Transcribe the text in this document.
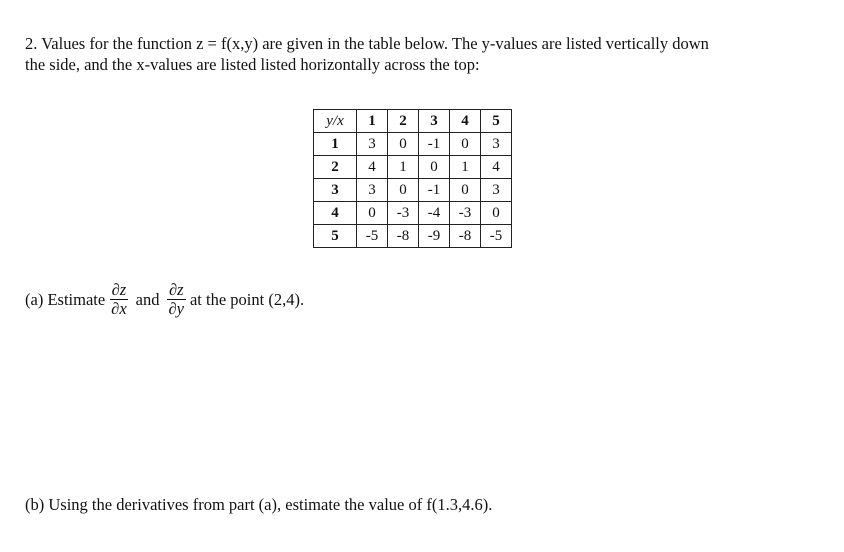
2. Values for the function z = f(x,y) are given in the table below. The y-values are listed vertically down
the side, and the x-values are listed listed horizontally across the top:
y/x	1	2	3	4	5
1	3	0	-1	0	3
2	4	1	0	1	4
3	3	0	-1	0	3
4	0	-3	-4	-3	0
5	-5	-8	-9	-8	-5
(a) Estimate $\frac{\partial z}{\partial x}$ and $\frac{\partial z}{\partial y}$ at the point (2,4).
(b) Using the derivatives from part (a), estimate the value of f(1.3,4.6).
